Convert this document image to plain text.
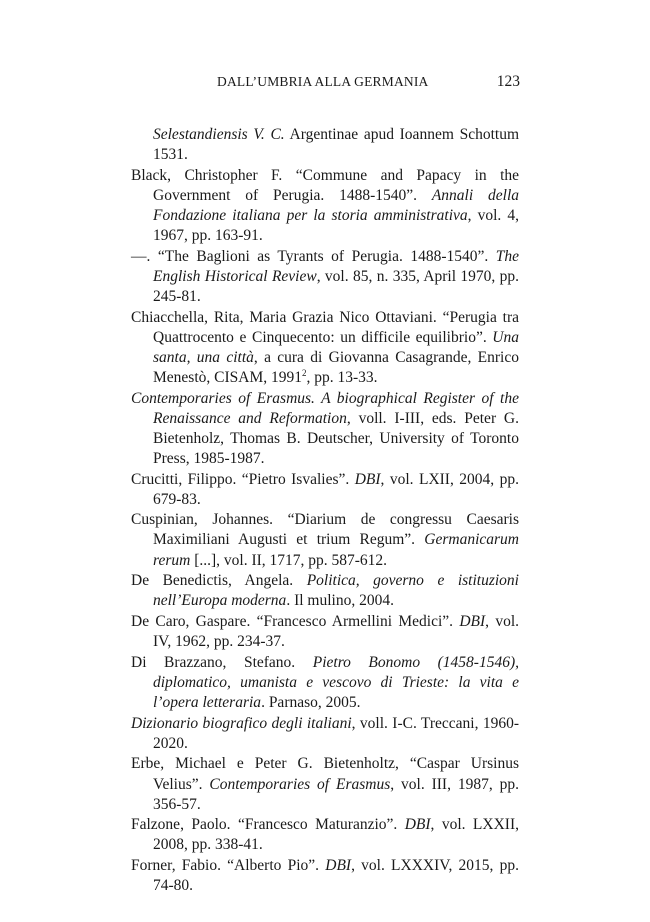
DALL’UMBRIA ALLA GERMANIA	123

Selestandiensis V. C. Argentinae apud Ioannem Schottum 1531.

Black, Christopher F. “Commune and Papacy in the Government of Perugia. 1488-1540”. Annali della Fondazione italiana per la storia amministrativa, vol. 4, 1967, pp. 163-91.

—. “The Baglioni as Tyrants of Perugia. 1488-1540”. The English Historical Review, vol. 85, n. 335, April 1970, pp. 245-81.

Chiacchella, Rita, Maria Grazia Nico Ottaviani. “Perugia tra Quattrocento e Cinquecento: un difficile equilibrio”. Una santa, una città, a cura di Giovanna Casagrande, Enrico Menestò, CISAM, 1991$^2$, pp. 13-33.

Contemporaries of Erasmus. A biographical Register of the Renaissance and Reformation, voll. I-III, eds. Peter G. Bietenholz, Thomas B. Deutscher, University of Toronto Press, 1985-1987.

Crucitti, Filippo. “Pietro Isvalies”. DBI, vol. LXII, 2004, pp. 679-83.

Cuspinian, Johannes. “Diarium de congressu Caesaris Maximiliani Augusti et trium Regum”. Germanicarum rerum [...], vol. II, 1717, pp. 587-612.

De Benedictis, Angela. Politica, governo e istituzioni nell’Europa moderna. Il mulino, 2004.

De Caro, Gaspare. “Francesco Armellini Medici”. DBI, vol. IV, 1962, pp. 234-37.

Di Brazzano, Stefano. Pietro Bonomo (1458-1546), diplomatico, umanista e vescovo di Trieste: la vita e l’opera letteraria. Parnaso, 2005.

Dizionario biografico degli italiani, voll. I-C. Treccani, 1960-2020.

Erbe, Michael e Peter G. Bietenholtz, “Caspar Ursinus Velius”. Contemporaries of Erasmus, vol. III, 1987, pp. 356-57.

Falzone, Paolo. “Francesco Maturanzio”. DBI, vol. LXXII, 2008, pp. 338-41.

Forner, Fabio. “Alberto Pio”. DBI, vol. LXXXIV, 2015, pp. 74-80.
